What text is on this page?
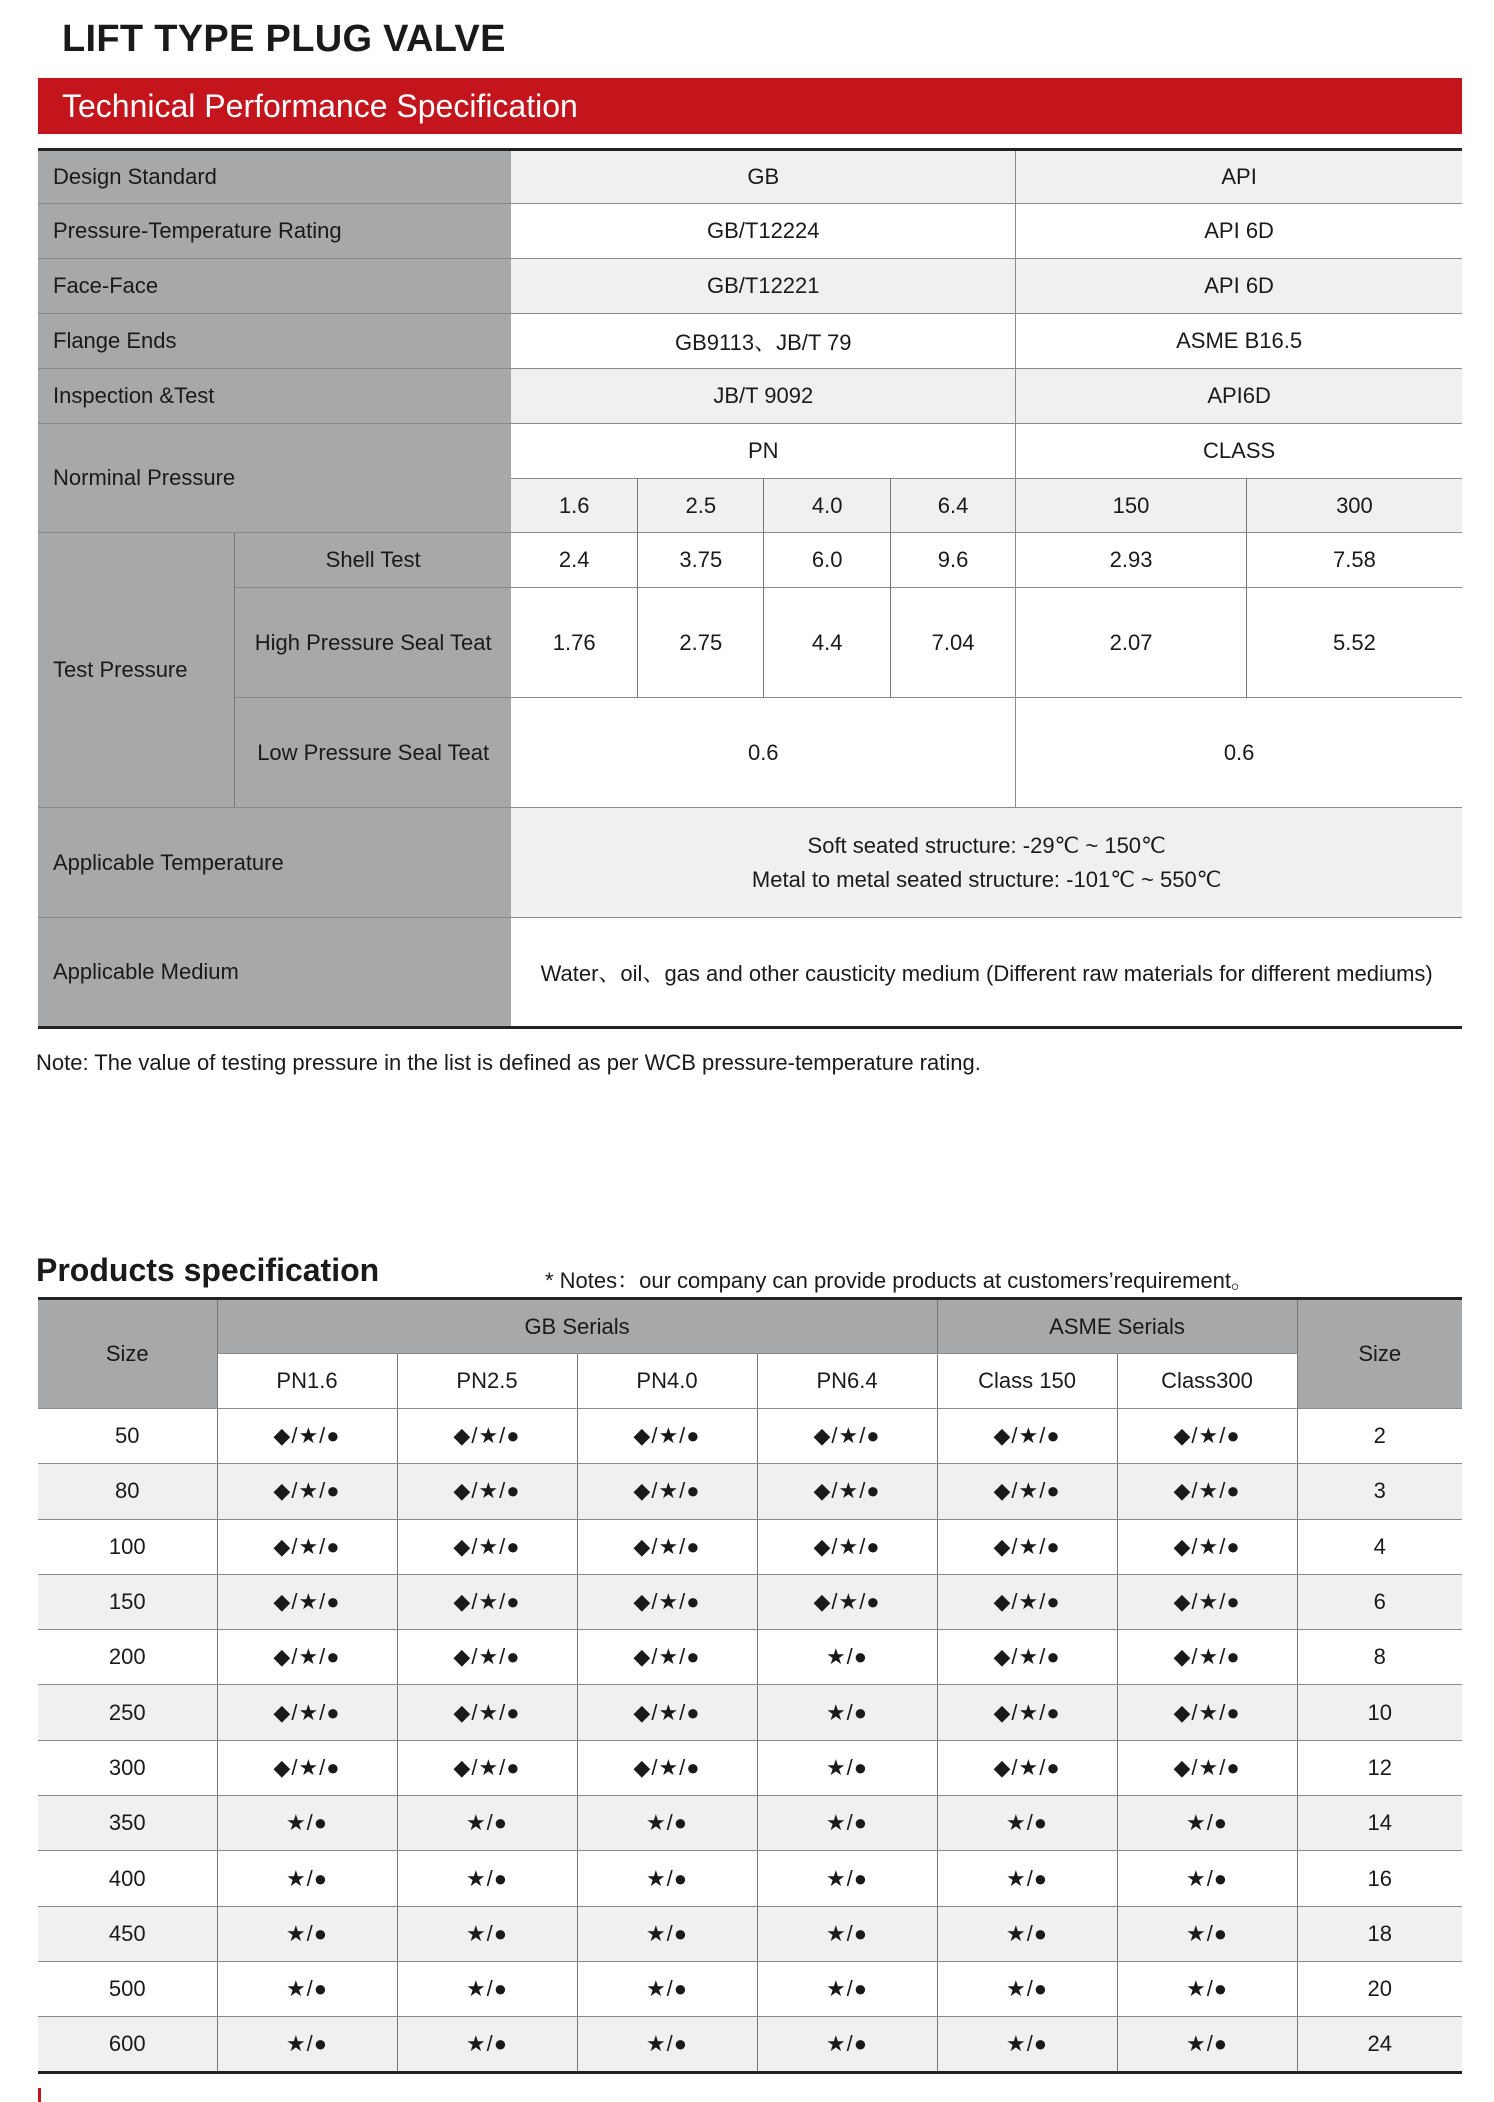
LIFT TYPE PLUG VALVE
Technical Performance Specification
Design Standard		GB				API	
Pressure-Temperature Rating		GB/T12224				API 6D	
Face-Face		GB/T12221				API 6D	
Flange Ends		GB9113、JB/T 79				ASME B16.5	
Inspection &Test		JB/T 9092				API6D	
Norminal Pressure		PN				CLASS	
		1.6	2.5	4.0	6.4	150	300
Test Pressure	Shell Test	2.4	3.75	6.0	9.6	2.93	7.58
	High Pressure Seal Teat	1.76	2.75	4.4	7.04	2.07	5.52
	Low Pressure Seal Teat	0.6				0.6	
Applicable Temperature		Soft seated structure: -29℃ ~ 150℃
Metal to metal seated structure: -101℃ ~ 550℃					

Applicable Medium		Water、oil、gas and other causticity medium (Different raw materials for different mediums)					
Note: The value of testing pressure in the list is defined as per WCB pressure-temperature rating.
Products specification	* Notes：our company can provide products at customers’requirement。
Size	GB Serials				ASME Serials		Size
	PN1.6	PN2.5	PN4.0	PN6.4	Class 150	Class300	
50	◆/★/●	◆/★/●	◆/★/●	◆/★/●	◆/★/●	◆/★/●	2
80	◆/★/●	◆/★/●	◆/★/●	◆/★/●	◆/★/●	◆/★/●	3
100	◆/★/●	◆/★/●	◆/★/●	◆/★/●	◆/★/●	◆/★/●	4
150	◆/★/●	◆/★/●	◆/★/●	◆/★/●	◆/★/●	◆/★/●	6
200	◆/★/●	◆/★/●	◆/★/●	★/●	◆/★/●	◆/★/●	8
250	◆/★/●	◆/★/●	◆/★/●	★/●	◆/★/●	◆/★/●	10
300	◆/★/●	◆/★/●	◆/★/●	★/●	◆/★/●	◆/★/●	12
350	★/●	★/●	★/●	★/●	★/●	★/●	14
400	★/●	★/●	★/●	★/●	★/●	★/●	16
450	★/●	★/●	★/●	★/●	★/●	★/●	18
500	★/●	★/●	★/●	★/●	★/●	★/●	20
600	★/●	★/●	★/●	★/●	★/●	★/●	24
